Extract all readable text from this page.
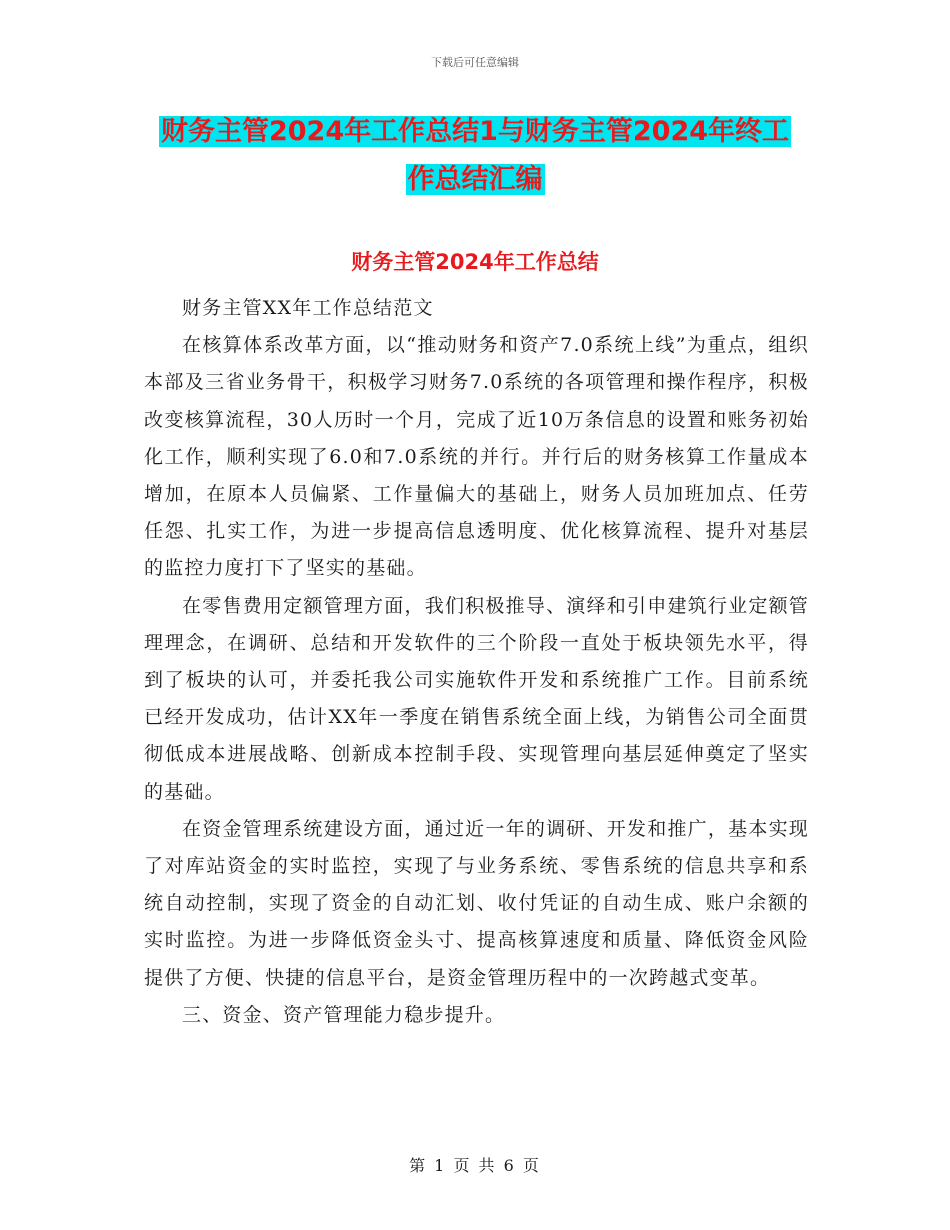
下载后可任意编辑
财务主管2024年工作总结1与财务主管2024年终工
作总结汇编
财务主管2024年工作总结

财务主管XX年工作总结范文

在核算体系改革方面，以“推动财务和资产7.0系统上线”为重点，组织本部及三省业务骨干，积极学习财务7.0系统的各项管理和操作程序，积极改变核算流程，30人历时一个月，完成了近10万条信息的设置和账务初始化工作，顺利实现了6.0和7.0系统的并行。并行后的财务核算工作量成本增加，在原本人员偏紧、工作量偏大的基础上，财务人员加班加点、任劳任怨、扎实工作，为进一步提高信息透明度、优化核算流程、提升对基层的监控力度打下了坚实的基础。

在零售费用定额管理方面，我们积极推导、演绎和引申建筑行业定额管理理念，在调研、总结和开发软件的三个阶段一直处于板块领先水平，得到了板块的认可，并委托我公司实施软件开发和系统推广工作。目前系统已经开发成功，估计XX年一季度在销售系统全面上线，为销售公司全面贯彻低成本进展战略、创新成本控制手段、实现管理向基层延伸奠定了坚实的基础。

在资金管理系统建设方面，通过近一年的调研、开发和推广，基本实现了对库站资金的实时监控，实现了与业务系统、零售系统的信息共享和系统自动控制，实现了资金的自动汇划、收付凭证的自动生成、账户余额的实时监控。为进一步降低资金头寸、提高核算速度和质量、降低资金风险提供了方便、快捷的信息平台，是资金管理历程中的一次跨越式变革。

三、资金、资产管理能力稳步提升。

第 1 页 共 6 页
